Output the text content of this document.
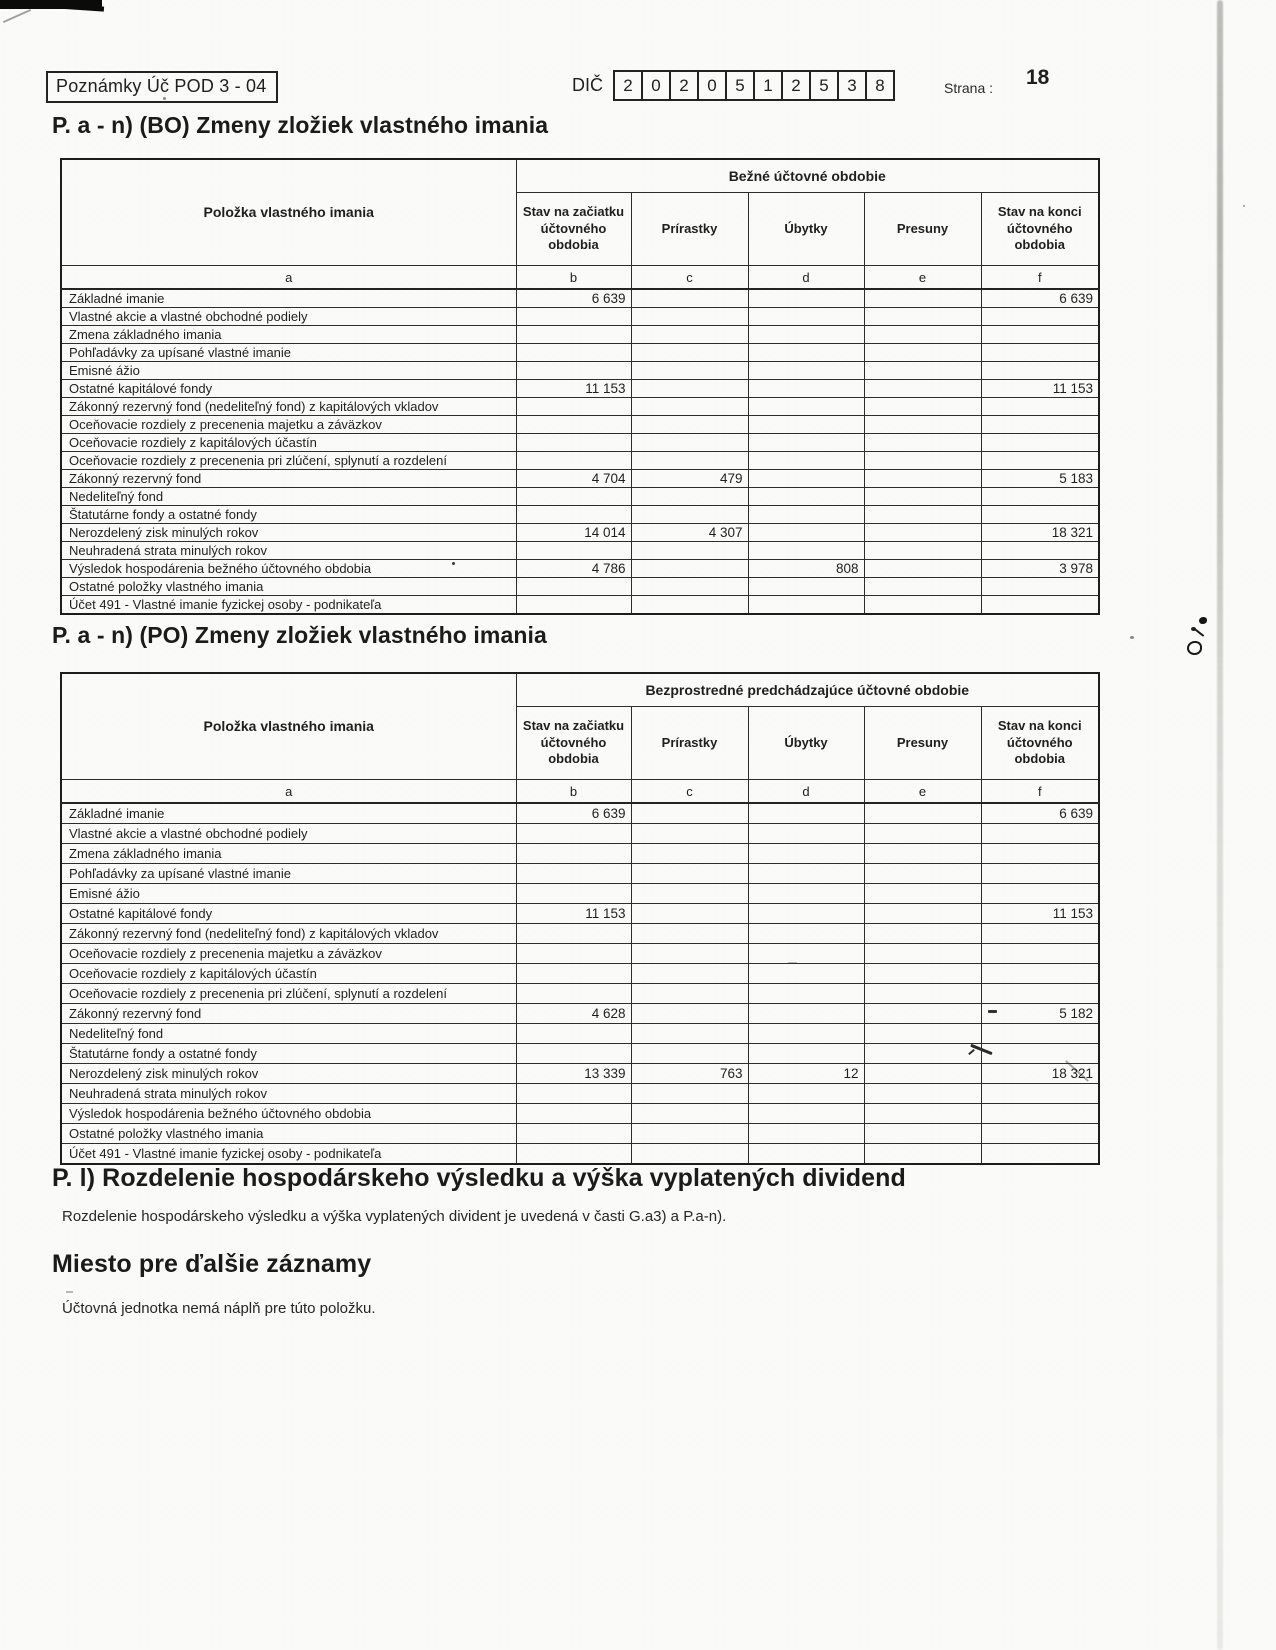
Poznámky Úč POD 3 - 04	DIČ	2	0	2	0	5	1	2	5	3	8	Strana : 18
P. a - n) (BO) Zmeny zložiek vlastného imania
Položka vlastného imania	Bežné účtovné obdobie				
	Stav na začiatku účtovného obdobia	Prírastky	Úbytky	Presuny	Stav na konci účtovného obdobia
a	b	c	d	e	f
Základné imanie	6 639				6 639
Vlastné akcie a vlastné obchodné podiely					
Zmena základného imania					
Pohľadávky za upísané vlastné imanie					
Emisné ážio					
Ostatné kapitálové fondy	11 153				11 153
Zákonný rezervný fond (nedeliteľný fond) z kapitálových vkladov					
Oceňovacie rozdiely z precenenia majetku a záväzkov					
Oceňovacie rozdiely z kapitálových účastín					
Oceňovacie rozdiely z precenenia pri zlúčení, splynutí a rozdelení					
Zákonný rezervný fond	4 704	479			5 183
Nedeliteľný fond					
Štatutárne fondy a ostatné fondy					
Nerozdelený zisk minulých rokov	14 014	4 307			18 321
Neuhradená strata minulých rokov					
Výsledok hospodárenia bežného účtovného obdobia	4 786		808		3 978
Ostatné položky vlastného imania					
Účet 491 - Vlastné imanie fyzickej osoby - podnikateľa					
P. a - n) (PO) Zmeny zložiek vlastného imania
Položka vlastného imania	Bezprostredné predchádzajúce účtovné obdobie				
	Stav na začiatku účtovného obdobia	Prírastky	Úbytky	Presuny	Stav na konci účtovného obdobia
a	b	c	d	e	f
Základné imanie	6 639				6 639
Vlastné akcie a vlastné obchodné podiely					
Zmena základného imania					
Pohľadávky za upísané vlastné imanie					
Emisné ážio					
Ostatné kapitálové fondy	11 153				11 153
Zákonný rezervný fond (nedeliteľný fond) z kapitálových vkladov					
Oceňovacie rozdiely z precenenia majetku a záväzkov					
Oceňovacie rozdiely z kapitálových účastín					
Oceňovacie rozdiely z precenenia pri zlúčení, splynutí a rozdelení					
Zákonný rezervný fond	4 628				5 182
Nedeliteľný fond					
Štatutárne fondy a ostatné fondy					
Nerozdelený zisk minulých rokov	13 339	763	12		18 321
Neuhradená strata minulých rokov					
Výsledok hospodárenia bežného účtovného obdobia					
Ostatné položky vlastného imania					
Účet 491 - Vlastné imanie fyzickej osoby - podnikateľa					
P. l) Rozdelenie hospodárskeho výsledku a výška vyplatených dividend
Rozdelenie hospodárskeho výsledku a výška vyplatených divident je uvedená v časti G.a3) a P.a-n).
Miesto pre ďalšie záznamy
Účtovná jednotka nemá náplň pre túto položku.
